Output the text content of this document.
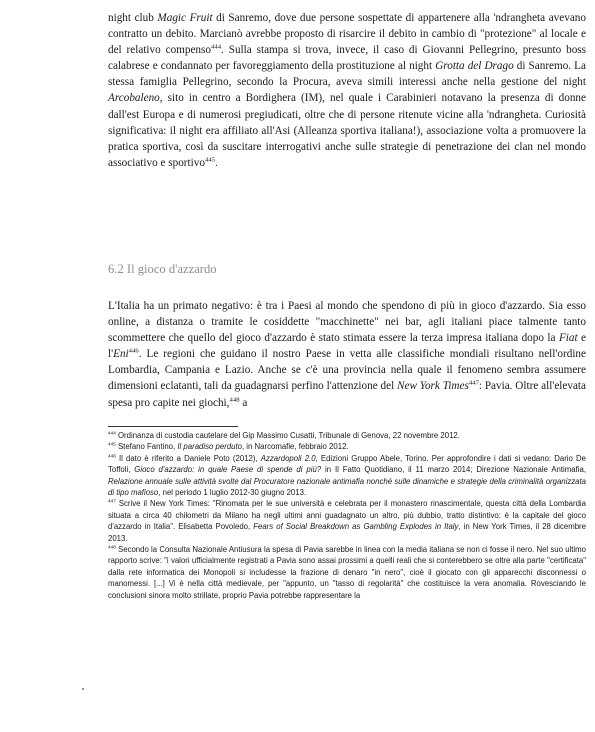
night club Magic Fruit di Sanremo, dove due persone sospettate di appartenere alla 'ndrangheta avevano contratto un debito. Marcianò avrebbe proposto di risarcire il debito in cambio di "protezione" al locale e del relativo compenso$^{444}$. Sulla stampa si trova, invece, il caso di Giovanni Pellegrino, presunto boss calabrese e condannato per favoreggiamento della prostituzione al night Grotta del Drago di Sanremo. La stessa famiglia Pellegrino, secondo la Procura, aveva simili interessi anche nella gestione del night Arcobaleno, sito in centro a Bordighera (IM), nel quale i Carabinieri notavano la presenza di donne dall'est Europa e di numerosi pregiudicati, oltre che di persone ritenute vicine alla 'ndrangheta. Curiosità significativa: il night era affiliato all'Asi (Alleanza sportiva italiana!), associazione volta a promuovere la pratica sportiva, così da suscitare interrogativi anche sulle strategie di penetrazione dei clan nel mondo associativo e sportivo$^{445}$.

6.2 Il gioco d'azzardo

L'Italia ha un primato negativo: è tra i Paesi al mondo che spendono di più in gioco d'azzardo. Sia esso online, a distanza o tramite le cosiddette "macchinette" nei bar, agli italiani piace talmente tanto scommettere che quello del gioco d'azzardo è stato stimata essere la terza impresa italiana dopo la Fiat e l'Eni$^{446}$. Le regioni che guidano il nostro Paese in vetta alle classifiche mondiali risultano nell'ordine Lombardia, Campania e Lazio. Anche se c'è una provincia nella quale il fenomeno sembra assumere dimensioni eclatanti, tali da guadagnarsi perfino l'attenzione del New York Times$^{447}$: Pavia. Oltre all'elevata spesa pro capite nei giochi,$^{448}$ a

$^{444}$ Ordinanza di custodia cautelare del Gip Massimo Cusatti, Tribunale di Genova, 22 novembre 2012.

$^{445}$ Stefano Fantino, Il paradiso perduto, in Narcomafie, febbraio 2012.

$^{446}$ Il dato è riferito a Daniele Poto (2012), Azzardopoli 2.0, Edizioni Gruppo Abele, Torino. Per approfondire i dati si vedano: Dario De Toffoli, Gioco d'azzardo: in quale Paese di spende di più? in Il Fatto Quotidiano, il 11 marzo 2014; Direzione Nazionale Antimafia, Relazione annuale sulle attività svolte dal Procuratore nazionale antimafia nonché sulle dinamiche e strategie della criminalità organizzata di tipo mafioso, nel periodo 1 luglio 2012-30 giugno 2013.

$^{447}$ Scrive il New York Times: "Rinomata per le sue università e celebrata per il monastero rinascimentale, questa città della Lombardia situata a circa 40 chilometri da Milano ha negli ultimi anni guadagnato un altro, più dubbio, tratto distintivo: è la capitale del gioco d'azzardo in Italia". Elisabetta Povoledo, Fears of Social Breakdown as Gambling Explodes in Italy, in New York Times, il 28 dicembre 2013.

$^{448}$ Secondo la Consulta Nazionale Antiusura la spesa di Pavia sarebbe in linea con la media italiana se non ci fosse il nero. Nel suo ultimo rapporto scrive: "i valori ufficialmente registrati a Pavia sono assai prossimi a quelli reali che si conterebbero se oltre alla parte "certificata" dalla rete informatica dei Monopoli si includesse la frazione di denaro "in nero", cioè il giocato con gli apparecchi disconnessi o manomessi. [...] Vi è nella città medievale, per "appunto, un "tasso di regolarità" che costituisce la vera anomalia. Rovesciando le conclusioni sinora molto strillate, proprio Pavia potrebbe rappresentare la
